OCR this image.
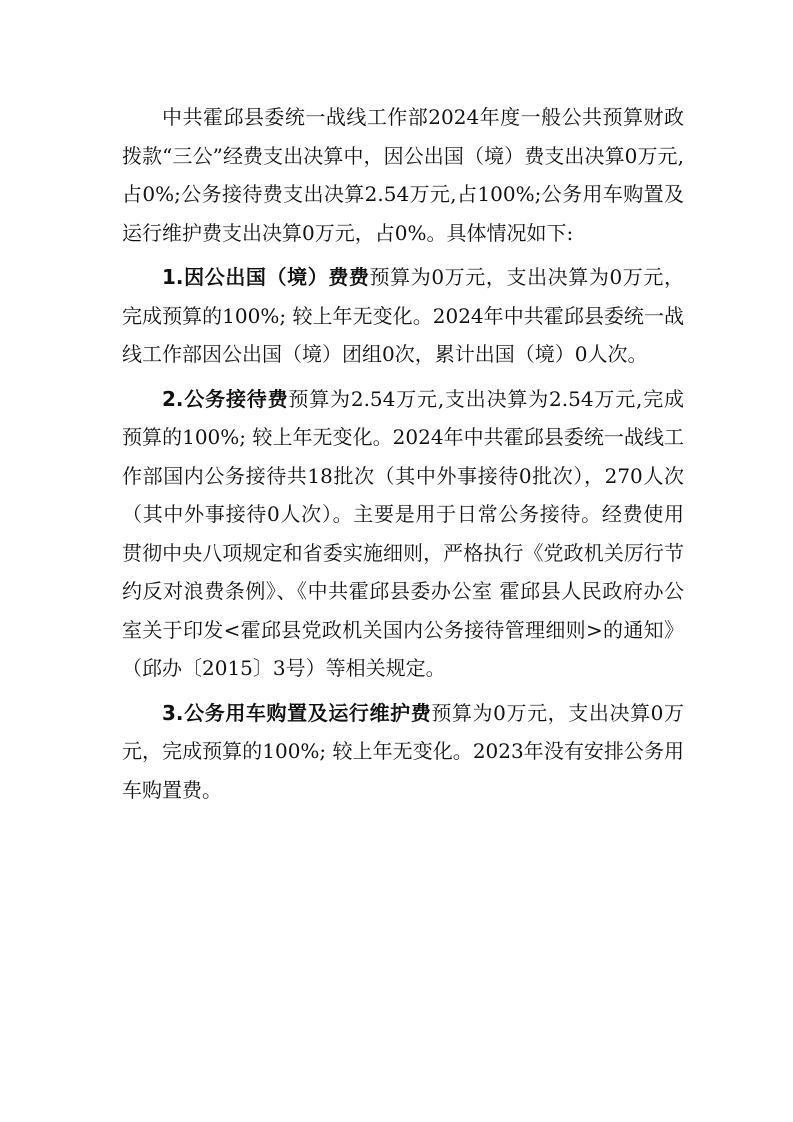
中共霍邱县委统一战线工作部2024年度一般公共预算财政拨款“三公”经费支出决算中，因公出国（境）费支出决算0万元,占0%;公务接待费支出决算2.54万元,占100%;公务用车购置及运行维护费支出决算0万元，占0%。具体情况如下:

1.因公出国（境）费费预算为0万元，支出决算为0万元，完成预算的100%; 较上年无变化。2024年中共霍邱县委统一战线工作部因公出国（境）团组0次，累计出国（境）0人次。

2.公务接待费预算为2.54万元,支出决算为2.54万元,完成预算的100%; 较上年无变化。2024年中共霍邱县委统一战线工作部国内公务接待共18批次（其中外事接待0批次），270人次（其中外事接待0人次）。主要是用于日常公务接待。经费使用贯彻中央八项规定和省委实施细则，严格执行《党政机关厉行节约反对浪费条例》、《中共霍邱县委办公室 霍邱县人民政府办公室关于印发<霍邱县党政机关国内公务接待管理细则>的通知》（邱办〔2015〕3号）等相关规定。

3.公务用车购置及运行维护费预算为0万元，支出决算0万元，完成预算的100%; 较上年无变化。2023年没有安排公务用车购置费。
